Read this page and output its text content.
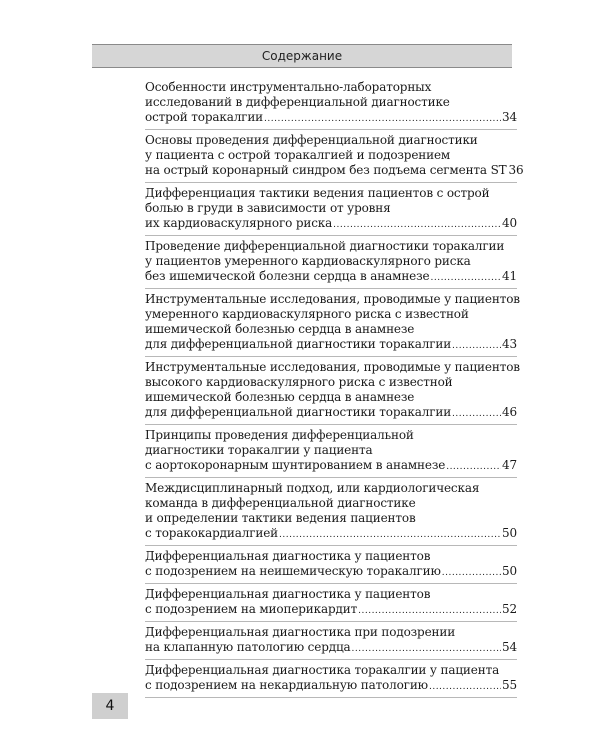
Содержание
Особенности инструментально-лабораторных
исследований в дифференциальной диагностике
острой торакалгии .....	34
Основы проведения дифференциальной диагностики
у пациента с острой торакалгией и подозрением
на острый коронарный синдром без подъема сегмента ST 36
Дифференциация тактики ведения пациентов с острой
болью в груди в зависимости от уровня
их кардиоваскулярного риска .....	40
Проведение дифференциальной диагностики торакалгии
у пациентов умеренного кардиоваскулярного риска
без ишемической болезни сердца в анамнезе .....	41
Инструментальные исследования, проводимые у пациентов
умеренного кардиоваскулярного риска с известной
ишемической болезнью сердца в анамнезе
для дифференциальной диагностики торакалгии .....	43
Инструментальные исследования, проводимые у пациентов
высокого кардиоваскулярного риска с известной
ишемической болезнью сердца в анамнезе
для дифференциальной диагностики торакалгии .....	46
Принципы проведения дифференциальной
диагностики торакалгии у пациента
с аортокоронарным шунтированием в анамнезе .....	47
Междисциплинарный подход, или кардиологическая
команда в дифференциальной диагностике
и определении тактики ведения пациентов
с торакокардиалгией .....	50
Дифференциальная диагностика у пациентов
с подозрением на неишемическую торакалгию .....	50
Дифференциальная диагностика у пациентов
с подозрением на миоперикардит .....	52
Дифференциальная диагностика при подозрении
на клапанную патологию сердца .....	54
Дифференциальная диагностика торакалгии у пациента
с подозрением на некардиальную патологию .....	55
4
